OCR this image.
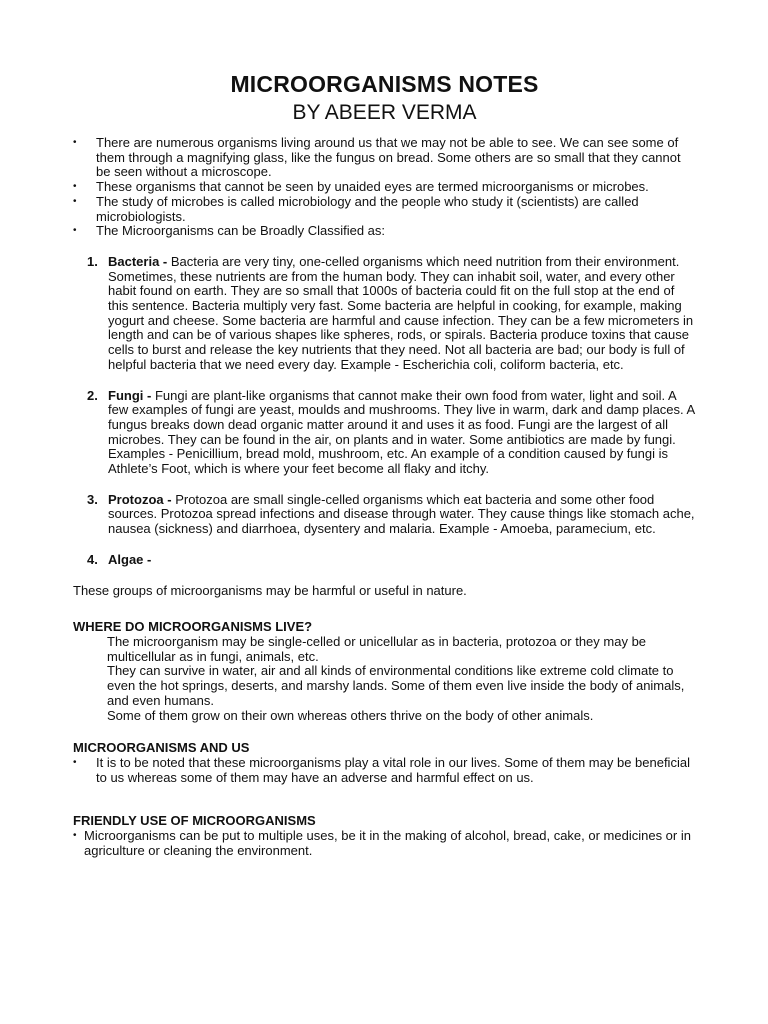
MICROORGANISMS NOTES
BY ABEER VERMA
• There are numerous organisms living around us that we may not be able to see. We can see some of them through a magnifying glass, like the fungus on bread. Some others are so small that they cannot be seen without a microscope.
• These organisms that cannot be seen by unaided eyes are termed microorganisms or microbes.
• The study of microbes is called microbiology and the people who study it (scientists) are called microbiologists.
• The Microorganisms can be Broadly Classified as:
1. Bacteria - Bacteria are very tiny, one-celled organisms which need nutrition from their environment. Sometimes, these nutrients are from the human body. They can inhabit soil, water, and every other habit found on earth. They are so small that 1000s of bacteria could fit on the full stop at the end of this sentence. Bacteria multiply very fast. Some bacteria are helpful in cooking, for example, making yogurt and cheese. Some bacteria are harmful and cause infection. They can be a few micrometers in length and can be of various shapes like spheres, rods, or spirals. Bacteria produce toxins that cause cells to burst and release the key nutrients that they need. Not all bacteria are bad; our body is full of helpful bacteria that we need every day. Example - Escherichia coli, coliform bacteria, etc.
2. Fungi - Fungi are plant-like organisms that cannot make their own food from water, light and soil. A few examples of fungi are yeast, moulds and mushrooms. They live in warm, dark and damp places. A fungus breaks down dead organic matter around it and uses it as food. Fungi are the largest of all microbes. They can be found in the air, on plants and in water. Some antibiotics are made by fungi. Examples - Penicillium, bread mold, mushroom, etc. An example of a condition caused by fungi is Athlete’s Foot, which is where your feet become all flaky and itchy.
3. Protozoa - Protozoa are small single-celled organisms which eat bacteria and some other food sources. Protozoa spread infections and disease through water. They cause things like stomach ache, nausea (sickness) and diarrhoea, dysentery and malaria. Example - Amoeba, paramecium, etc.
4. Algae -

These groups of microorganisms may be harmful or useful in nature.

WHERE DO MICROORGANISMS LIVE?

The microorganism may be single-celled or unicellular as in bacteria, protozoa or they may be multicellular as in fungi, animals, etc.

They can survive in water, air and all kinds of environmental conditions like extreme cold climate to even the hot springs, deserts, and marshy lands. Some of them even live inside the body of animals, and even humans.

Some of them grow on their own whereas others thrive on the body of other animals.

MICROORGANISMS AND US

• It is to be noted that these microorganisms play a vital role in our lives. Some of them may be beneficial to us whereas some of them may have an adverse and harmful effect on us.

FRIENDLY USE OF MICROORGANISMS

• Microorganisms can be put to multiple uses, be it in the making of alcohol, bread, cake, or medicines or in agriculture or cleaning the environment.
